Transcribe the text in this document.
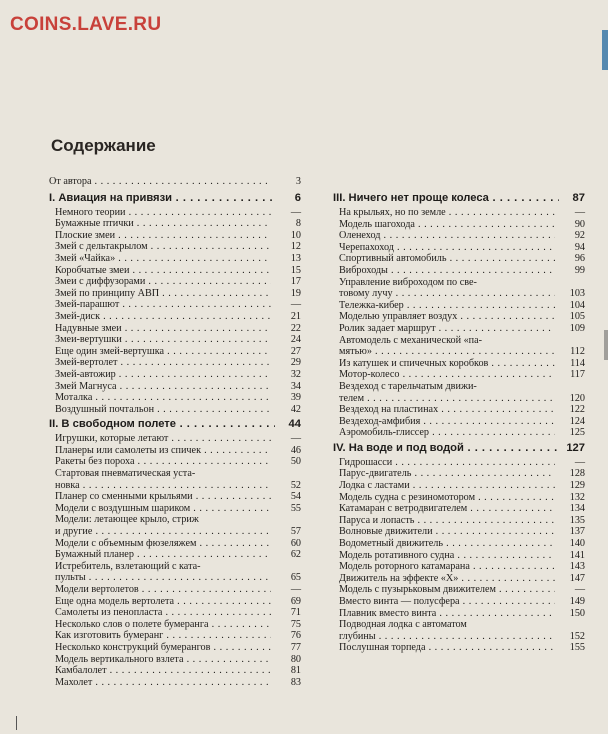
COINS.LAVE.RU
Содержание
От автора . . .	3
I. Авиация на привязи . . .	6
Немного теории . . .	—
Бумажные птички . . .	8
Плоские змеи . . .	10
Змей с дельтакрылом . . .	12
Змей «Чайка» . . .	13
Коробчатые змеи . . .	15
Змеи с диффузорами . . .	17
Змей по принципу АВП . . .	19
Змей-парашют . . .	—
Змей-диск . . .	21
Надувные змеи . . .	22
Змеи-вертушки . . .	24
Еще один змей-вертушка . . .	27
Змей-вертолет . . .	29
Змей-автожир . . .	32
Змей Магнуса . . .	34
Моталка . . .	39
Воздушный почтальон . . .	42
II. В свободном полете . . .	44
Игрушки, которые летают . . .	—
Планеры или самолеты из спичек . . .	46
Ракеты без пороха . . .	50
Стартовая пневматическая уста-
новка . . .	52
Планер со сменными крыльями . . .	54
Модели с воздушным шариком . . .	55
Модели: летающее крыло, стриж
и другие . . .	57
Модели с объемным фюзеляжем . . .	60
Бумажный планер . . .	62
Истребитель, взлетающий с ката-
пульты . . .	65
Модели вертолетов . . .	—
Еще одна модель вертолета . . .	69
Самолеты из пенопласта . . .	71
Несколько слов о полете бумеранга . . .	75
Как изготовить бумеранг . . .	76
Несколько конструкций бумерангов . . .	77
Модель вертикального взлета . . .	80
Камбалолет . . .	81
Махолет . . .	83
III. Ничего нет проще колеса . . .	87
На крыльях, но по земле . . .	—
Модель шагохода . . .	90
Оленеход . . .	92
Черепахоход . . .	94
Спортивный автомобиль . . .	96
Виброходы . . .	99
Управление виброходом по све-
товому лучу . . .	103
Тележка-кибер . . .	104
Моделью управляет воздух . . .	105
Ролик задает маршрут . . .	109
Автомодель с механической «па-
мятью» . . .	112
Из катушек и спичечных коробков . . .	114
Мотор-колесо . . .	117
Вездеход с тарельчатым движи-
телем . . .	120
Вездеход на пластинах . . .	122
Вездеход-амфибия . . .	124
Аэромобиль-глиссер . . .	125
IV. На воде и под водой . . .	127
Гидрошасси . . .	—
Парус-двигатель . . .	128
Лодка с ластами . . .	129
Модель судна с резиномотором . . .	132
Катамаран с ветродвигателем . . .	134
Паруса и лопасть . . .	135
Волновые движители . . .	137
Водометный движитель . . .	140
Модель ротативного судна . . .	141
Модель роторного катамарана . . .	143
Движитель на эффекте «Х» . . .	147
Модель с пузырьковым движителем . . .	—
Вместо винта — полусфера . . .	149
Плавник вместо винта . . .	150
Подводная лодка с автоматом
глубины . . .	152
Послушная торпеда . . .	155
